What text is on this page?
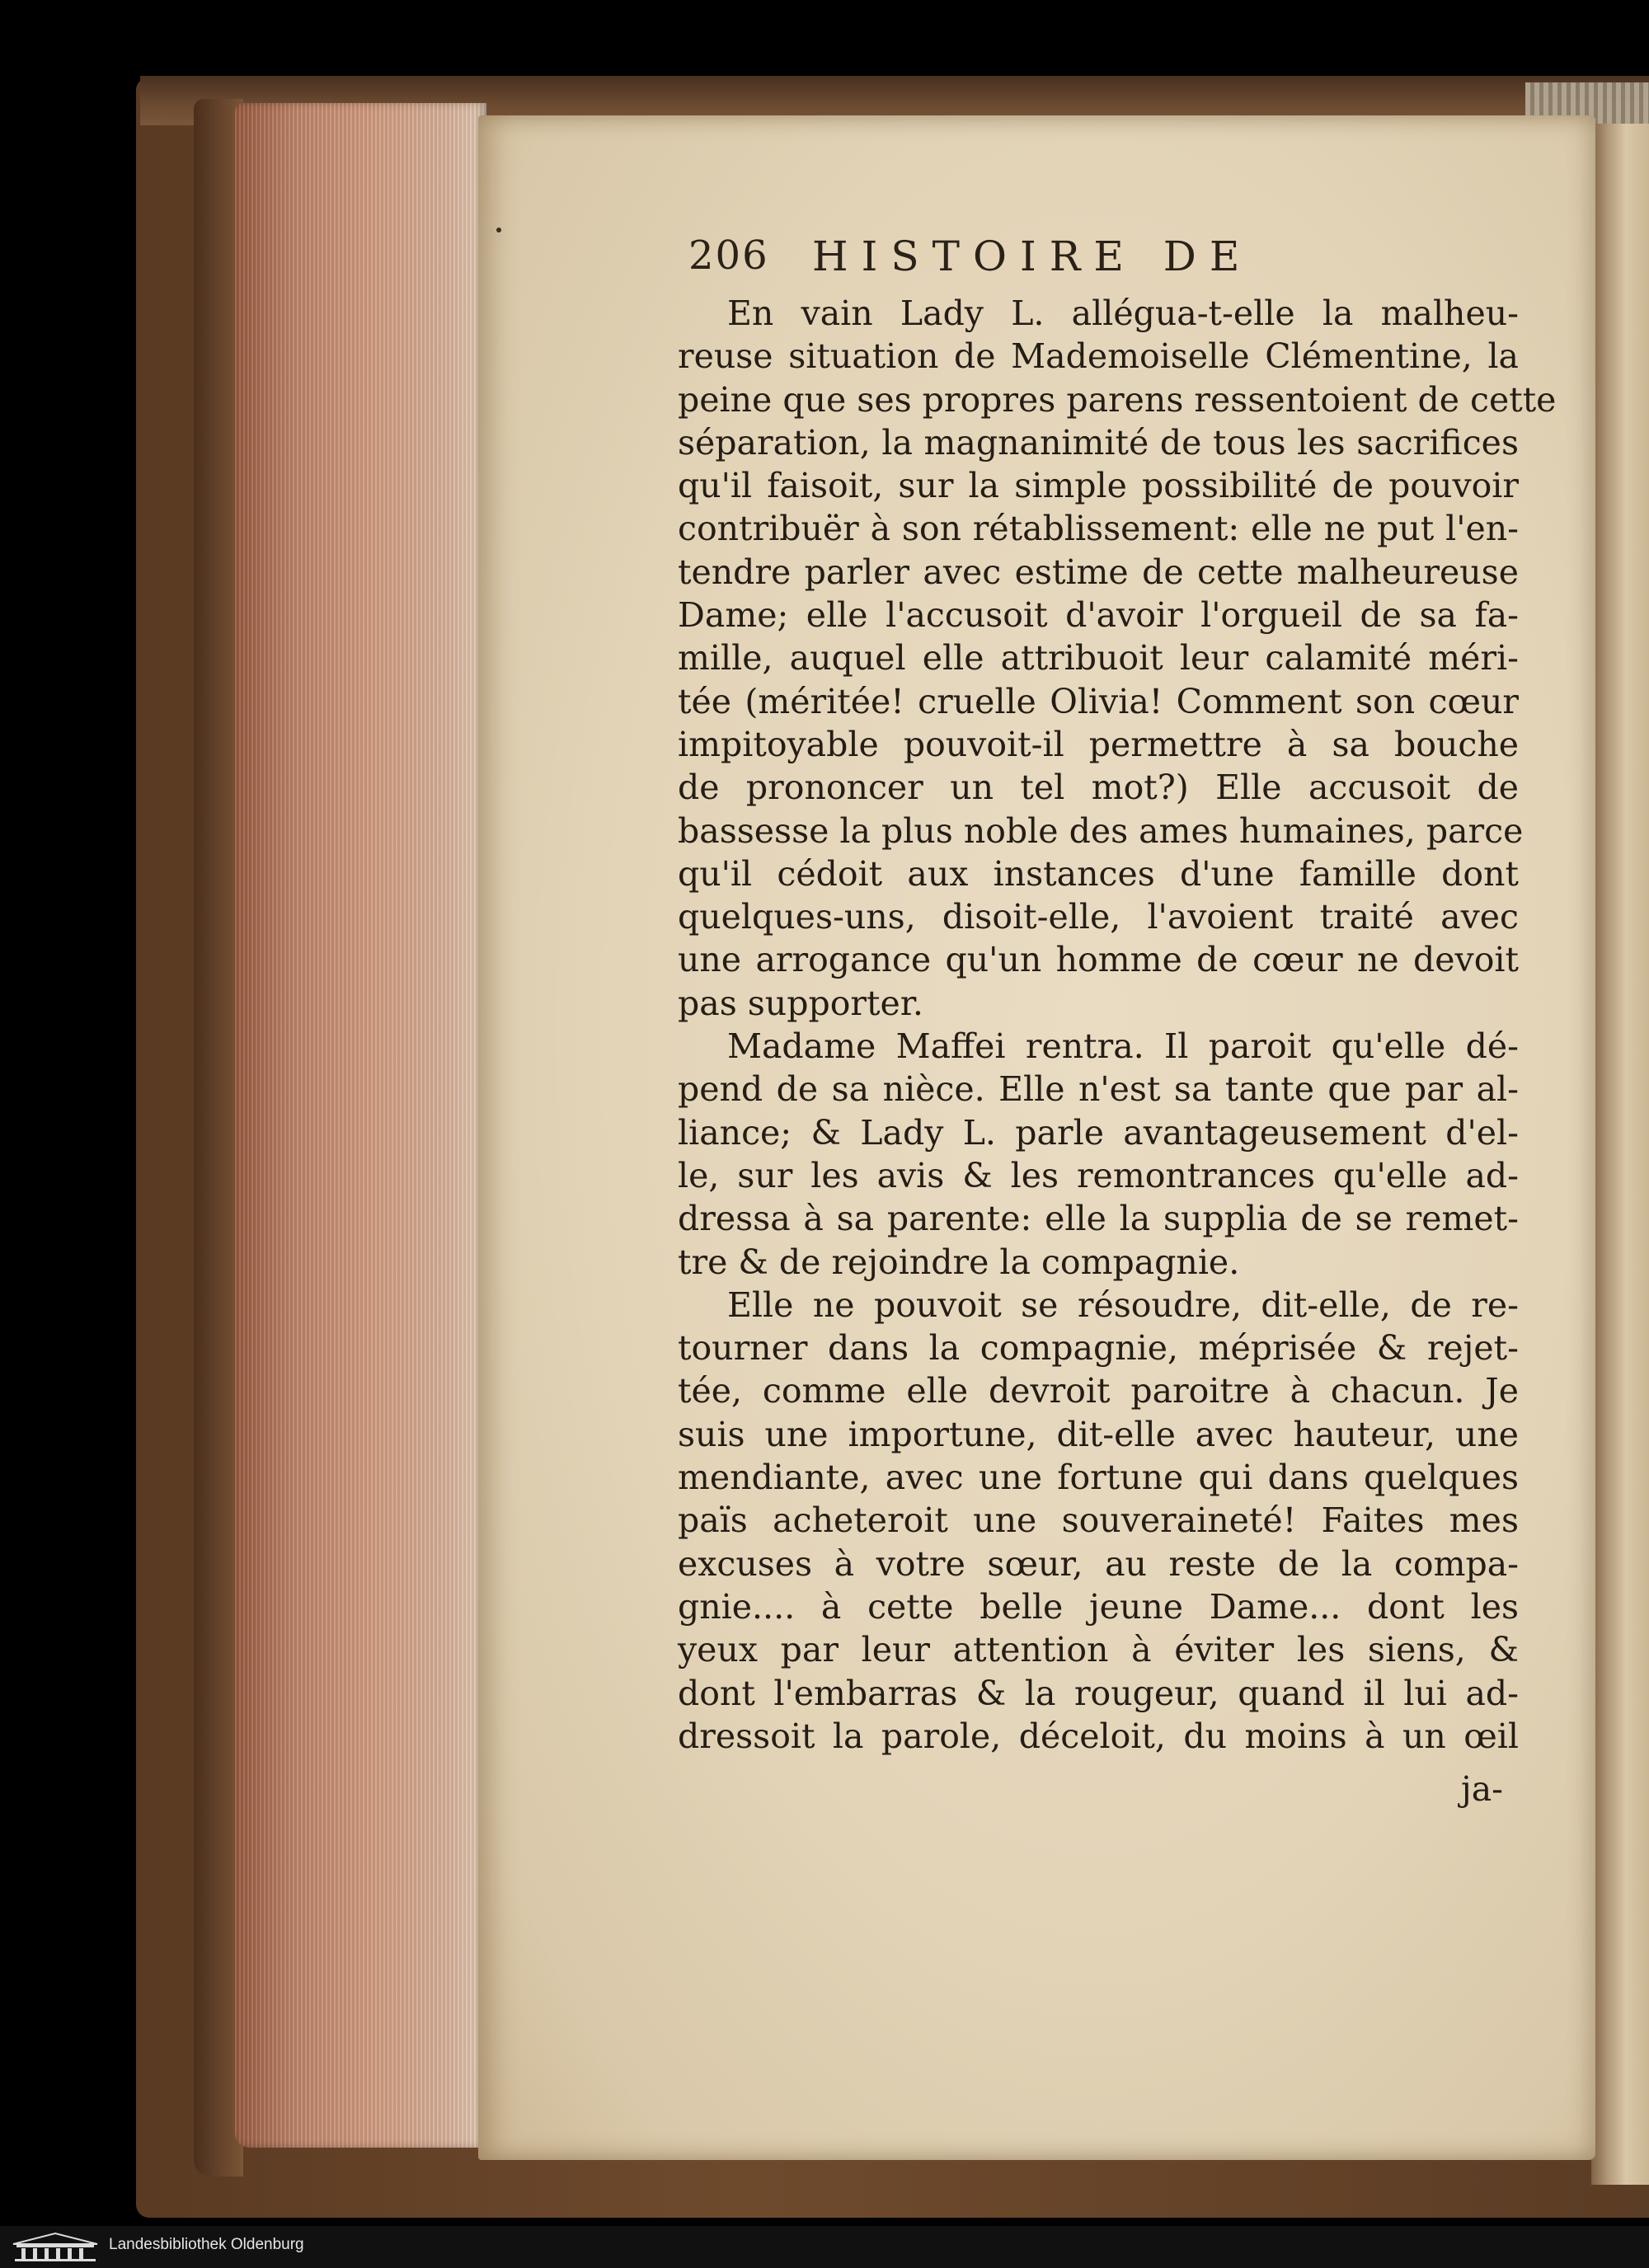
206 HISTOIRE DE
En vain Lady L. allégua-t-elle la malheu-
reuse situation de Mademoiselle Clémentine, la
peine que ses propres parens ressentoient de cette
séparation, la magnanimité de tous les sacrifices
qu'il faisoit, sur la simple possibilité de pouvoir
contribuër à son rétablissement: elle ne put l'en-
tendre parler avec estime de cette malheureuse
Dame; elle l'accusoit d'avoir l'orgueil de sa fa-
mille, auquel elle attribuoit leur calamité méri-
tée (méritée! cruelle Olivia! Comment son cœur
impitoyable pouvoit-il permettre à sa bouche
de prononcer un tel mot?) Elle accusoit de
bassesse la plus noble des ames humaines, parce
qu'il cédoit aux instances d'une famille dont
quelques-uns, disoit-elle, l'avoient traité avec
une arrogance qu'un homme de cœur ne devoit
pas supporter.
Madame Maffei rentra. Il paroit qu'elle dé-
pend de sa nièce. Elle n'est sa tante que par al-
liance; & Lady L. parle avantageusement d'el-
le, sur les avis & les remontrances qu'elle ad-
dressa à sa parente: elle la supplia de se remet-
tre & de rejoindre la compagnie.
Elle ne pouvoit se résoudre, dit-elle, de re-
tourner dans la compagnie, méprisée & rejet-
tée, comme elle devroit paroitre à chacun. Je
suis une importune, dit-elle avec hauteur, une
mendiante, avec une fortune qui dans quelques
païs acheteroit une souveraineté! Faites mes
excuses à votre sœur, au reste de la compa-
gnie.... à cette belle jeune Dame... dont les
yeux par leur attention à éviter les siens, &
dont l'embarras & la rougeur, quand il lui ad-
dressoit la parole, déceloit, du moins à un œil
ja-
Landesbibliothek Oldenburg
